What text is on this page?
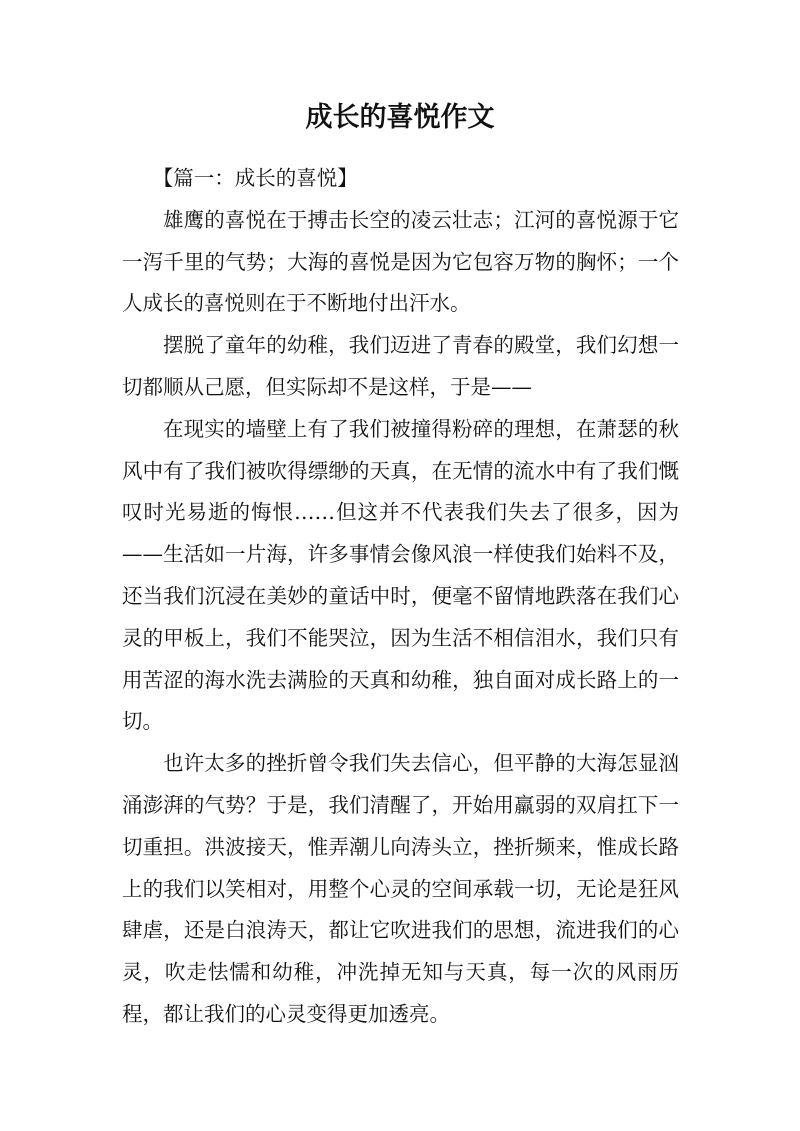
成长的喜悦作文

【篇一：成长的喜悦】

雄鹰的喜悦在于搏击长空的凌云壮志；江河的喜悦源于它一泻千里的气势；大海的喜悦是因为它包容万物的胸怀；一个人成长的喜悦则在于不断地付出汗水。

摆脱了童年的幼稚，我们迈进了青春的殿堂，我们幻想一切都顺从己愿，但实际却不是这样，于是——

在现实的墙壁上有了我们被撞得粉碎的理想，在萧瑟的秋风中有了我们被吹得缥缈的天真，在无情的流水中有了我们慨叹时光易逝的悔恨……但这并不代表我们失去了很多，因为——生活如一片海，许多事情会像风浪一样使我们始料不及，还当我们沉浸在美妙的童话中时，便毫不留情地跌落在我们心灵的甲板上，我们不能哭泣，因为生活不相信泪水，我们只有用苦涩的海水洗去满脸的天真和幼稚，独自面对成长路上的一切。

也许太多的挫折曾令我们失去信心，但平静的大海怎显汹涌澎湃的气势？于是，我们清醒了，开始用羸弱的双肩扛下一切重担。洪波接天，惟弄潮儿向涛头立，挫折频来，惟成长路上的我们以笑相对，用整个心灵的空间承载一切，无论是狂风肆虐，还是白浪涛天，都让它吹进我们的思想，流进我们的心灵，吹走怯懦和幼稚，冲洗掉无知与天真，每一次的风雨历程，都让我们的心灵变得更加透亮。
